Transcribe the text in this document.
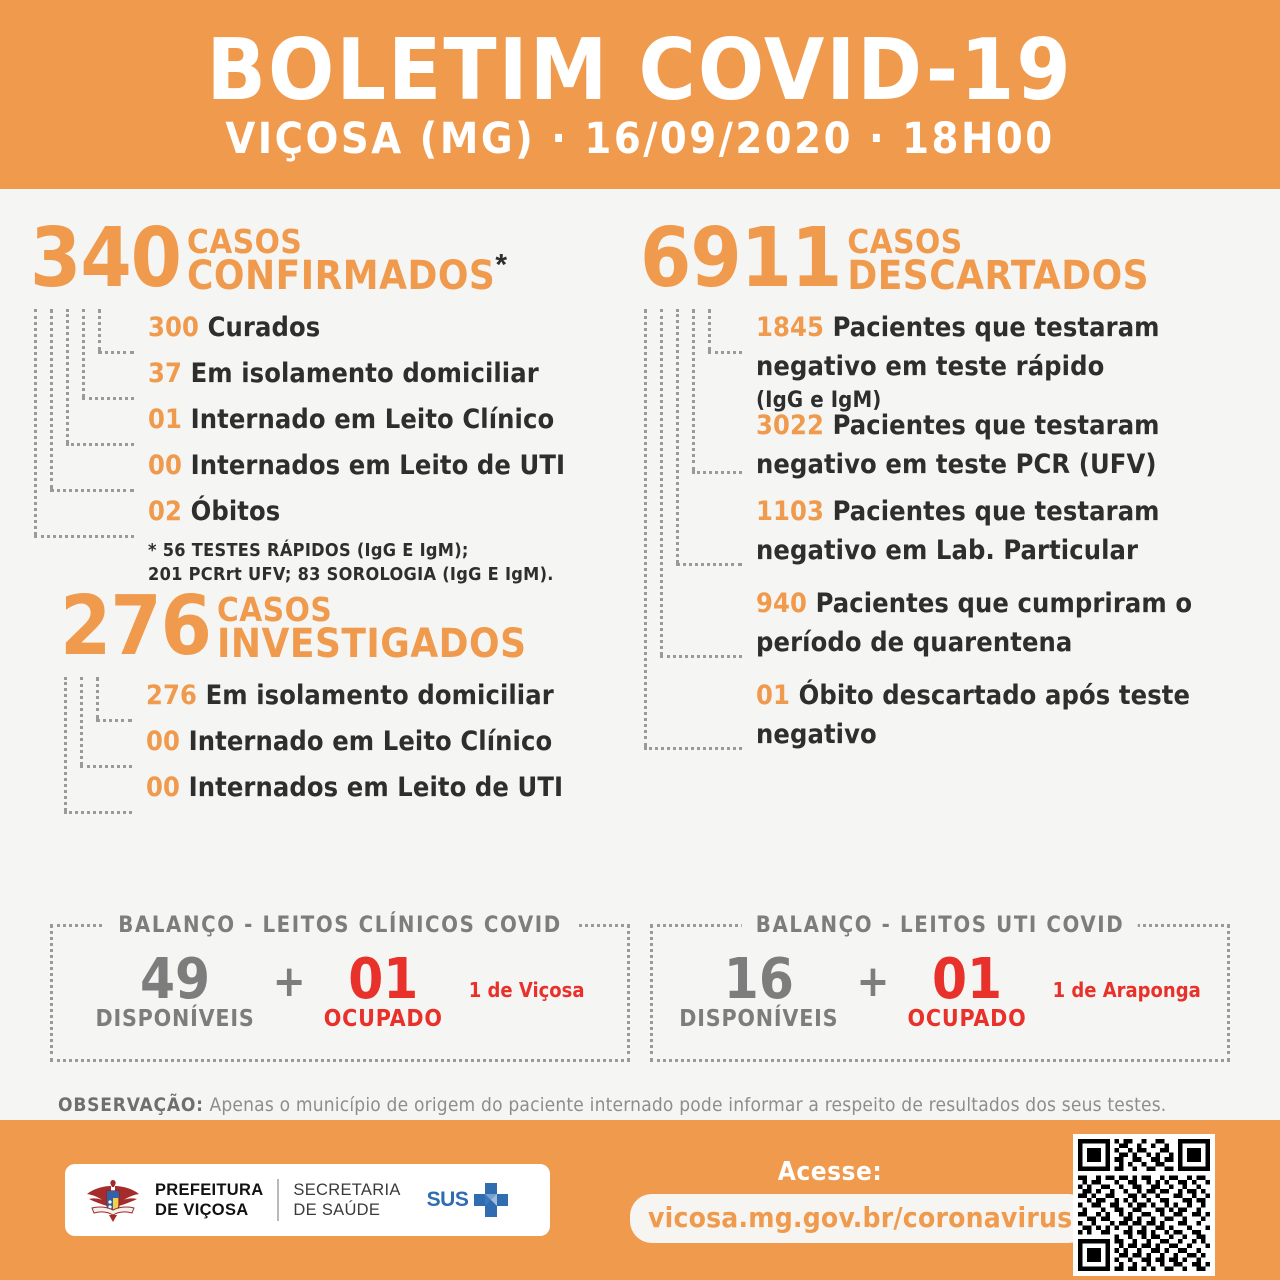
BOLETIM COVID-19
VIÇOSA (MG) · 16/09/2020 · 18H00
340 CASOS
CONFIRMADOS*
300 Curados
37 Em isolamento domiciliar
01 Internado em Leito Clínico
00 Internados em Leito de UTI
02 Óbitos
* 56 TESTES RÁPIDOS (IgG E IgM);
201 PCRrt UFV; 83 SOROLOGIA (IgG E IgM).
276 CASOS
INVESTIGADOS
276 Em isolamento domiciliar
00 Internado em Leito Clínico
00 Internados em Leito de UTI
6911 CASOS
DESCARTADOS
1845 Pacientes que testaram negativo em teste rápido
(IgG e IgM)
3022 Pacientes que testaram negativo em teste PCR (UFV)
1103 Pacientes que testaram negativo em Lab. Particular
940 Pacientes que cumpriram o período de quarentena
01 Óbito descartado após teste negativo
BALANÇO - LEITOS CLÍNICOS COVID
49
DISPONÍVEIS
+ 01
OCUPADO
1 de Viçosa
BALANÇO - LEITOS UTI COVID
16
DISPONÍVEIS
+ 01
OCUPADO
1 de Araponga
OBSERVAÇÃO: Apenas o município de origem do paciente internado pode informar a respeito de resultados dos seus testes.
PREFEITURA
DE VIÇOSA
SECRETARIA
DE SAÚDE	SUS
Acesse:
vicosa.mg.gov.br/coronavirus
